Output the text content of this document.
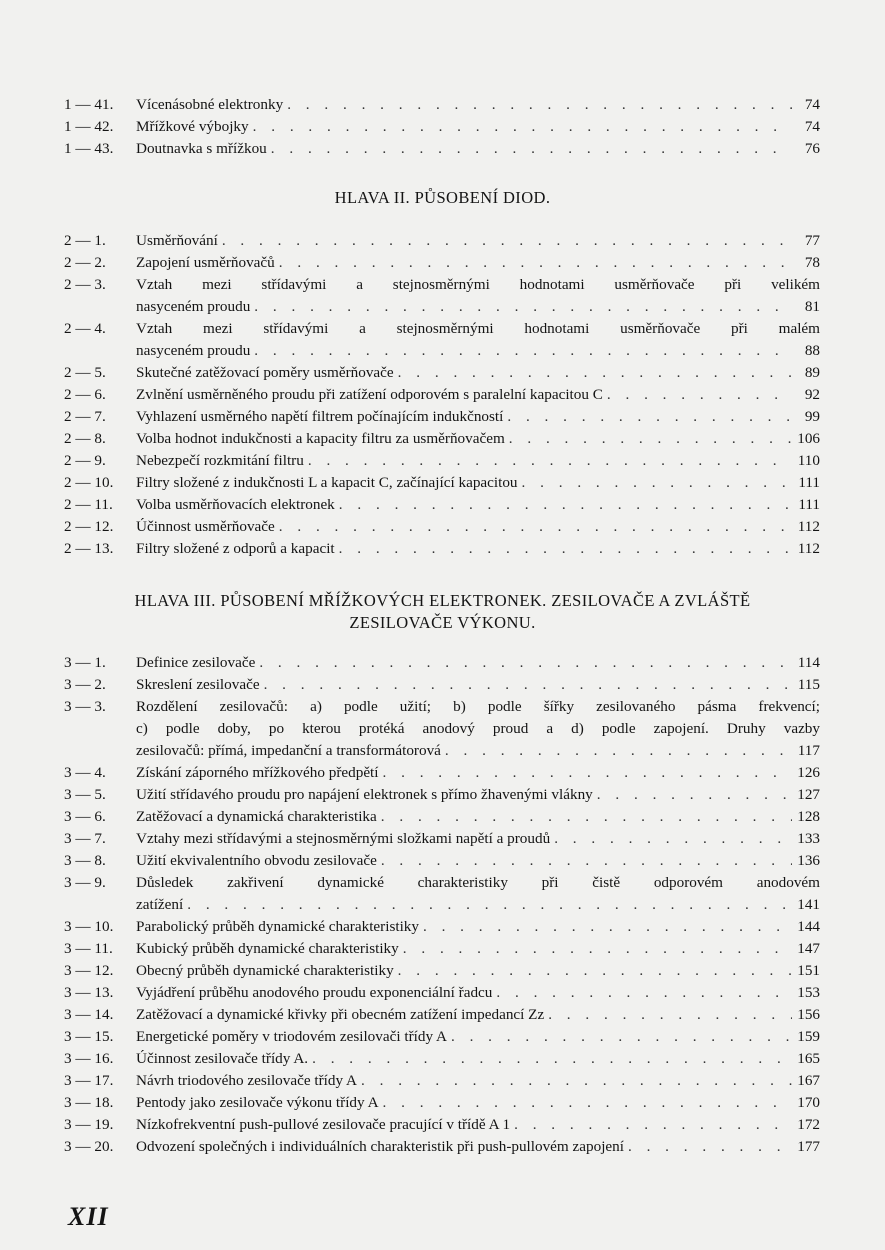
1 — 41.	Vícenásobné elektronky . . .	74
1 — 42.	Mřížkové výbojky . . .	74
1 — 43.	Doutnavka s mřížkou . . .	76
HLAVA II. PŮSOBENÍ DIOD.
2 — 1.	Usměrňování . . .	77
2 — 2.	Zapojení usměrňovačů . . .	78
2 — 3.	Vztah mezi střídavými a stejnosměrnými hodnotami usměrňovače při velikém
nasyceném proudu . . .	81
2 — 4.	Vztah mezi střídavými a stejnosměrnými hodnotami usměrňovače při malém
nasyceném proudu . . .	88
2 — 5.	Skutečné zatěžovací poměry usměrňovače . . .	89
2 — 6.	Zvlnění usměrněného proudu při zatížení odporovém s paralelní kapacitou C . . .	92
2 — 7.	Vyhlazení usměrného napětí filtrem počínajícím indukčností . . .	99
2 — 8.	Volba hodnot indukčnosti a kapacity filtru za usměrňovačem . . .	106
2 — 9.	Nebezpečí rozkmitání filtru . . .	110
2 — 10.	Filtry složené z indukčnosti L a kapacit C, začínající kapacitou . . .	111
2 — 11.	Volba usměrňovacích elektronek . . .	111
2 — 12.	Účinnost usměrňovače . . .	112
2 — 13.	Filtry složené z odporů a kapacit . . .	112
HLAVA III. PŮSOBENÍ MŘÍŽKOVÝCH ELEKTRONEK. ZESILOVAČE A ZVLÁŠTĚ
ZESILOVAČE VÝKONU.
3 — 1.	Definice zesilovače . . .	114
3 — 2.	Skreslení zesilovače . . .	115
3 — 3.	Rozdělení zesilovačů: a) podle užití; b) podle šířky zesilovaného pásma frekvencí;
c) podle doby, po kterou protéká anodový proud a d) podle zapojení. Druhy vazby
zesilovačů: přímá, impedanční a transformátorová . . .	117
3 — 4.	Získání záporného mřížkového předpětí . . .	126
3 — 5.	Užití střídavého proudu pro napájení elektronek s přímo žhavenými vlákny . . .	127
3 — 6.	Zatěžovací a dynamická charakteristika . . .	128
3 — 7.	Vztahy mezi střídavými a stejnosměrnými složkami napětí a proudů . . .	133
3 — 8.	Užití ekvivalentního obvodu zesilovače . . .	136
3 — 9.	Důsledek zakřivení dynamické charakteristiky při čistě odporovém anodovém
zatížení . . .	141
3 — 10.	Parabolický průběh dynamické charakteristiky . . .	144
3 — 11.	Kubický průběh dynamické charakteristiky . . .	147
3 — 12.	Obecný průběh dynamické charakteristiky . . .	151
3 — 13.	Vyjádření průběhu anodového proudu exponenciální řadcu . . .	153
3 — 14.	Zatěžovací a dynamické křivky při obecném zatížení impedancí Zz . . .	156
3 — 15.	Energetické poměry v triodovém zesilovači třídy A . . .	159
3 — 16.	Účinnost zesilovače třídy A. . . .	165
3 — 17.	Návrh triodového zesilovače třídy A . . .	167
3 — 18.	Pentody jako zesilovače výkonu třídy A . . .	170
3 — 19.	Nízkofrekventní push-pullové zesilovače pracující v třídě A 1 . . .	172
3 — 20.	Odvození společných i individuálních charakteristik při push-pullovém zapojení . . .	177
XII
